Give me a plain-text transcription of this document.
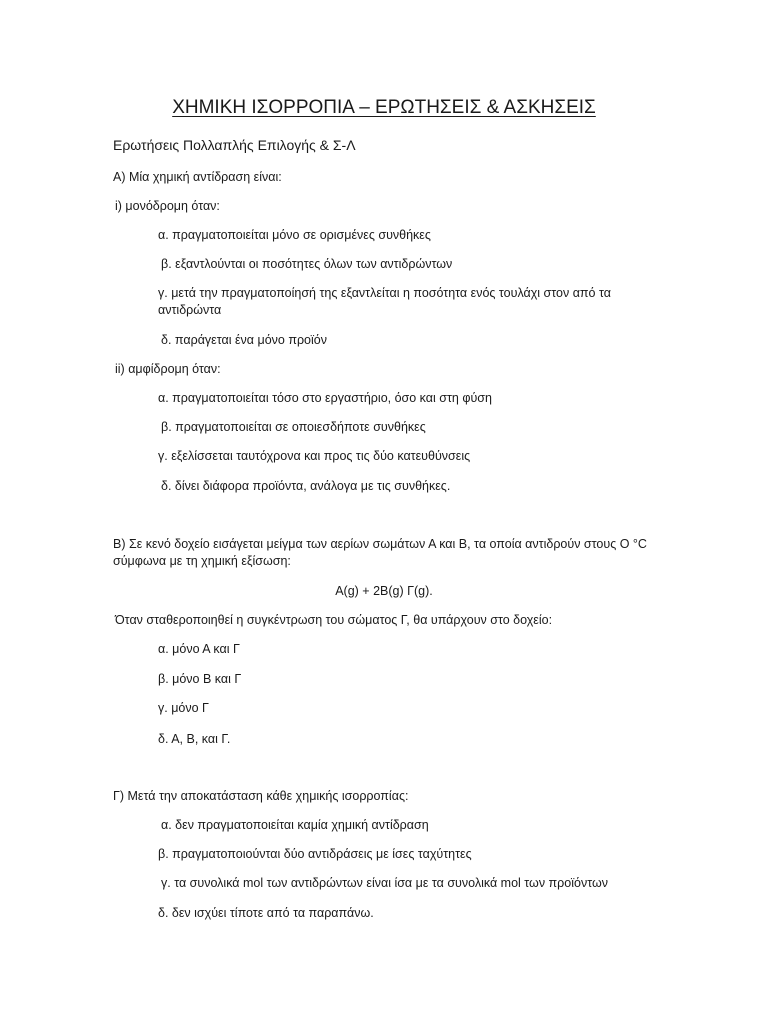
ΧΗΜΙΚΗ ΙΣΟΡΡΟΠΙΑ – ΕΡΩΤΗΣΕΙΣ & ΑΣΚΗΣΕΙΣ
Ερωτήσεις Πολλαπλής Επιλογής & Σ-Λ
Α) Μία χημική αντίδραση είναι:
i) μονόδρομη όταν:
α. πραγματοποιείται μόνο σε ορισμένες συνθήκες
β. εξαντλούνται οι ποσότητες όλων των αντιδρώντων
γ. μετά την πραγματοποίησή της εξαντλείται η ποσότητα ενός τουλάχι στον από τα αντιδρώντα
δ. παράγεται ένα μόνο προϊόν
ii) αμφίδρομη όταν:
α. πραγματοποιείται τόσο στο εργαστήριο, όσο και στη φύση
β. πραγματοποιείται σε οποιεσδήποτε συνθήκες
γ. εξελίσσεται ταυτόχρονα και προς τις δύο κατευθύνσεις
δ. δίνει διάφορα προϊόντα, ανάλογα με τις συνθήκες.
Β) Σε κενό δοχείο εισάγεται μείγμα των αερίων σωμάτων Α και Β, τα οποία αντιδρούν στους O °C σύμφωνα με τη χημική εξίσωση:
A(g) + 2B(g) Γ(g).
Όταν σταθεροποιηθεί η συγκέντρωση του σώματος Γ, θα υπάρχουν στο δοχείο:
α. μόνο Α και Γ
β. μόνο Β και Γ
γ. μόνο Γ
δ. Α, Β, και Γ.
Γ) Μετά την αποκατάσταση κάθε χημικής ισορροπίας:
α. δεν πραγματοποιείται καμία χημική αντίδραση
β. πραγματοποιούνται δύο αντιδράσεις με ίσες ταχύτητες
γ. τα συνολικά mol των αντιδρώντων είναι ίσα με τα συνολικά mol των προϊόντων
δ. δεν ισχύει τίποτε από τα παραπάνω.
